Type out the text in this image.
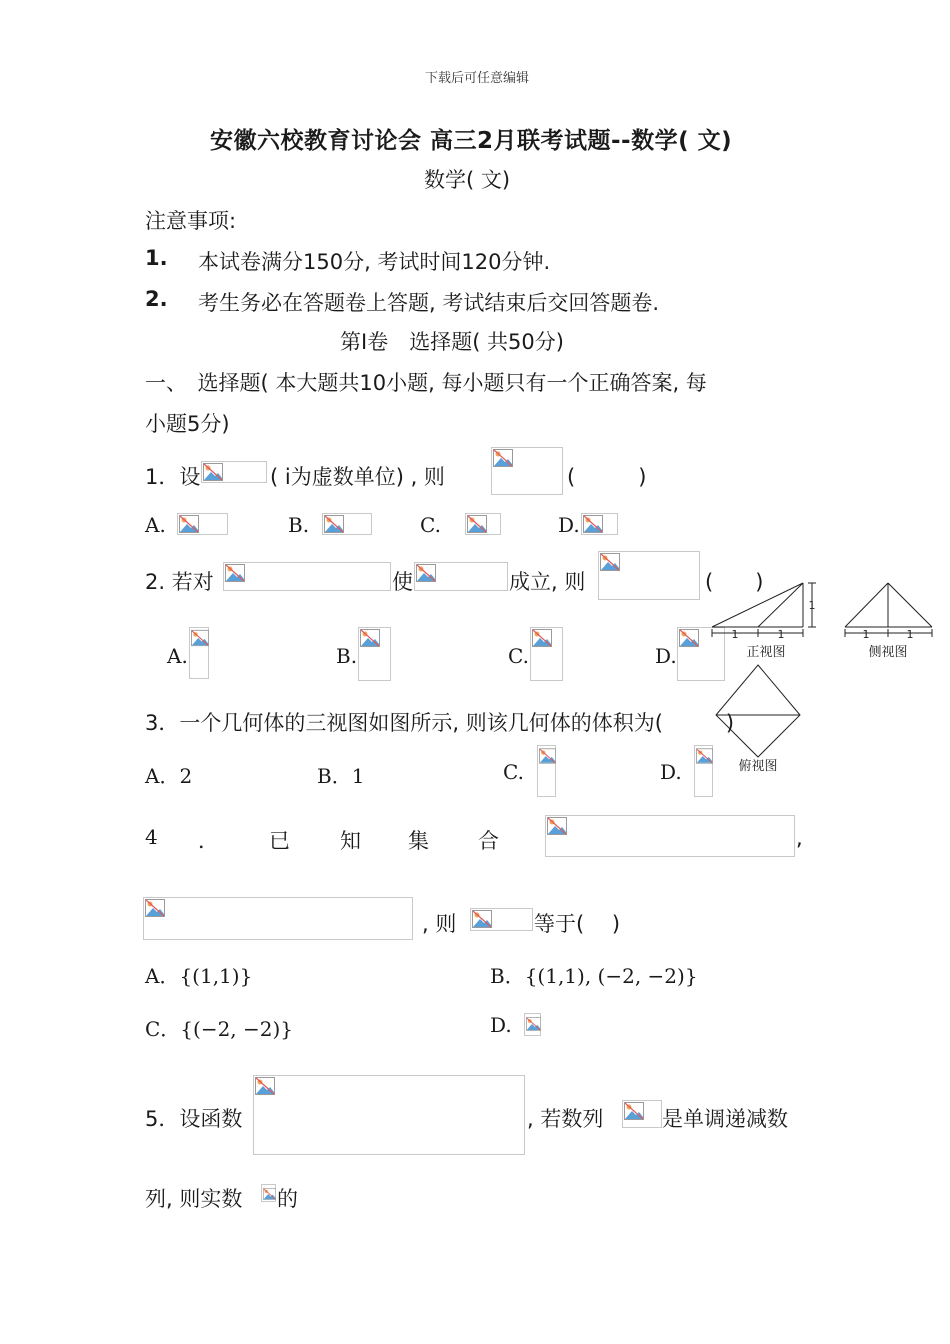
下载后可任意编辑
安徽六校教育讨论会 高三2月联考试题--数学( 文)
数学( 文)
注意事项:
1. 本试卷满分150分, 考试时间120分钟.
2. 考生务必在答题卷上答题, 考试结束后交回答题卷.
第Ⅰ卷　选择题( 共50分)
一、　选择题( 本大题共10小题, 每小题只有一个正确答案, 每
小题5分)
1．设	( i为虚数单位) , 则	(　　　)
A.	B.	C.	D.
2. 若对	使	成立, 则	(　　)
A.	B.	C.	D.
1	1
1
正视图
1	1
侧视图
俯视图
3．一个几何体的三视图如图所示, 则该几何体的体积为(　　　)
A．2	B．1	C.	D.
4 ． 已 知 集 合	,
, 则	等于(　 )
A．{(1,1)}	B．{(1,1), (−2, −2)}
C．{(−2, −2)}	D.
5．设函数	, 若数列	是单调递减数
列, 则实数 的
